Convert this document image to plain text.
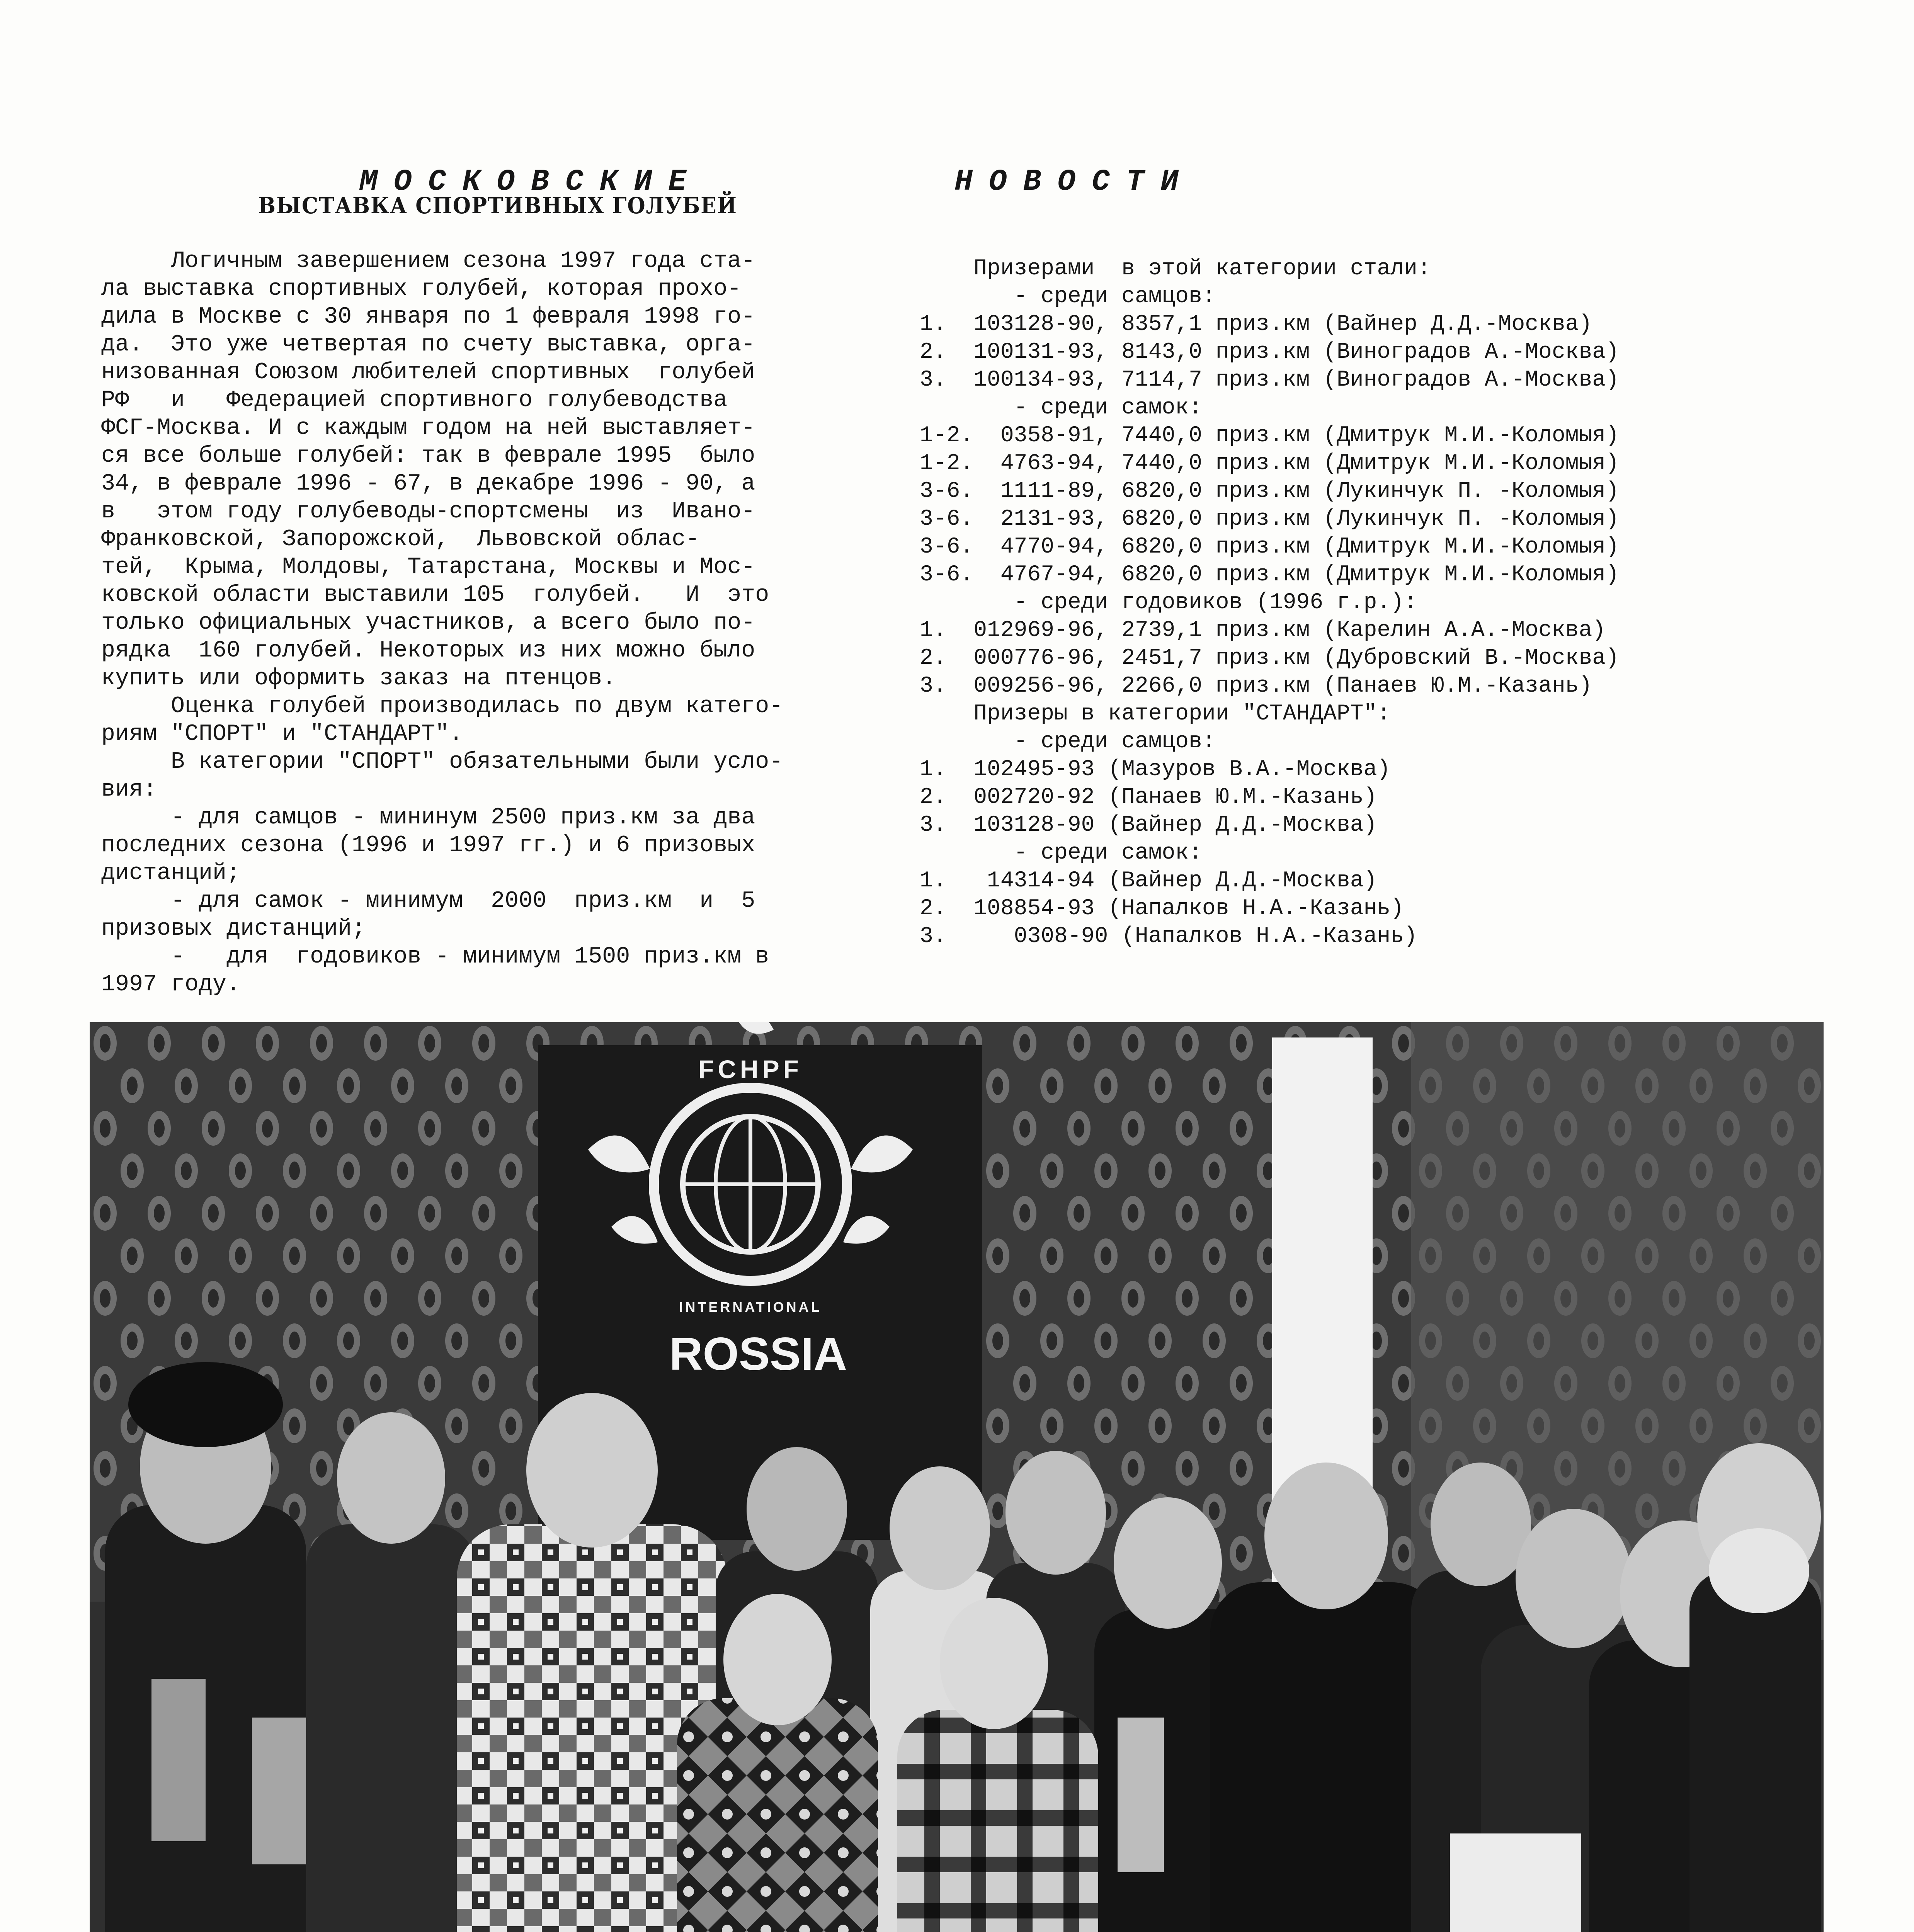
МОСКОВСКИЕ	НОВОСТИ
ВЫСТАВКА СПОРТИВНЫХ ГОЛУБЕЙ
Логичным завершением сезона 1997 года ста-
ла выставка спортивных голубей, которая прохо-
дила в Москве с 30 января по 1 февраля 1998 го-
да.  Это уже четвертая по счету выставка, орга-
низованная Союзом любителей спортивных  голубей
РФ   и   Федерацией спортивного голубеводства
ФСГ-Москва. И с каждым годом на ней выставляет-
ся все больше голубей: так в феврале 1995  было
34, в феврале 1996 - 67, в декабре 1996 - 90, а
в   этом году голубеводы-спортсмены  из  Ивано-
Франковской, Запорожской,  Львовской облас-
тей,  Крыма, Молдовы, Татарстана, Москвы и Мос-
ковской области выставили 105  голубей.   И  это
только официальных участников, а всего было по-
рядка  160 голубей. Некоторых из них можно было
купить или оформить заказ на птенцов.
Оценка голубей производилась по двум катего-
риям "СПОРТ" и "СТАНДАРТ".
В категории "СПОРТ" обязательными были усло-
вия:
- для самцов - мининум 2500 приз.км за два
последних сезона (1996 и 1997 гг.) и 6 призовых
дистанций;
- для самок - минимум  2000  приз.км  и  5
призовых дистанций;
-   для  годовиков - минимум 1500 приз.км в
1997 году.
Призерами  в этой категории стали:
- среди самцов:
1.  103128-90, 8357,1 приз.км (Вайнер Д.Д.-Москва)
2.  100131-93, 8143,0 приз.км (Виноградов А.-Москва)
3.  100134-93, 7114,7 приз.км (Виноградов А.-Москва)
- среди самок:
1-2.  0358-91, 7440,0 приз.км (Дмитрук М.И.-Коломыя)
1-2.  4763-94, 7440,0 приз.км (Дмитрук М.И.-Коломыя)
3-6.  1111-89, 6820,0 приз.км (Лукинчук П. -Коломыя)
3-6.  2131-93, 6820,0 приз.км (Лукинчук П. -Коломыя)
3-6.  4770-94, 6820,0 приз.км (Дмитрук М.И.-Коломыя)
3-6.  4767-94, 6820,0 приз.км (Дмитрук М.И.-Коломыя)
- среди годовиков (1996 г.р.):
1.  012969-96, 2739,1 приз.км (Карелин А.А.-Москва)
2.  000776-96, 2451,7 приз.км (Дубровский В.-Москва)
3.  009256-96, 2266,0 приз.км (Панаев Ю.М.-Казань)
Призеры в категории "СТАНДАРТ":
- среди самцов:
1.  102495-93 (Мазуров В.А.-Москва)
2.  002720-92 (Панаев Ю.М.-Казань)
3.  103128-90 (Вайнер Д.Д.-Москва)
- среди самок:
1.   14314-94 (Вайнер Д.Д.-Москва)
2.  108854-93 (Напалков Н.А.-Казань)
3.     0308-90 (Напалков Н.А.-Казань)
FCHPF
INTERNATIONAL
ROSSIA
